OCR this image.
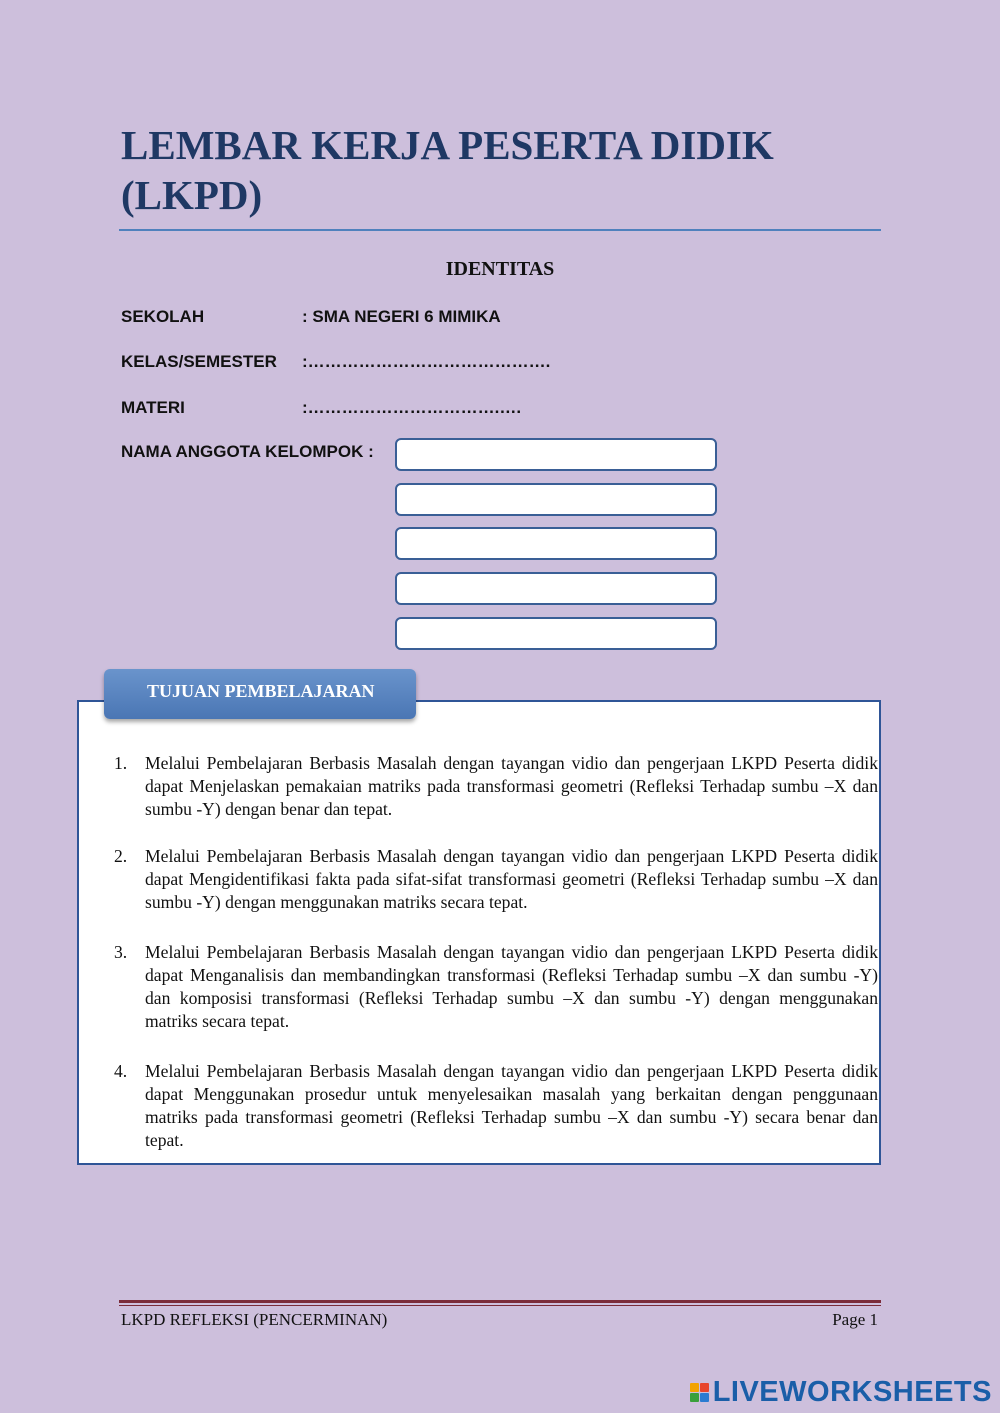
LEMBAR KERJA PESERTA DIDIK
(LKPD)
IDENTITAS
SEKOLAH	: SMA NEGERI 6 MIMIKA
KELAS/SEMESTER :…………………………………….
MATERI	:…………………………….….
NAMA ANGGOTA KELOMPOK :
TUJUAN PEMBELAJARAN
1. Melalui Pembelajaran Berbasis Masalah dengan tayangan vidio dan pengerjaan LKPD Peserta didik dapat Menjelaskan pemakaian matriks pada transformasi geometri (Refleksi Terhadap sumbu –X dan sumbu -Y) dengan benar dan tepat.
2. Melalui Pembelajaran Berbasis Masalah dengan tayangan vidio dan pengerjaan LKPD Peserta didik dapat Mengidentifikasi fakta pada sifat-sifat transformasi geometri (Refleksi Terhadap sumbu –X dan sumbu -Y) dengan menggunakan matriks secara tepat.
3. Melalui Pembelajaran Berbasis Masalah dengan tayangan vidio dan pengerjaan LKPD Peserta didik dapat Menganalisis dan membandingkan transformasi (Refleksi Terhadap sumbu –X dan sumbu -Y) dan komposisi transformasi (Refleksi Terhadap sumbu –X dan sumbu -Y) dengan menggunakan matriks secara tepat.
4. Melalui Pembelajaran Berbasis Masalah dengan tayangan vidio dan pengerjaan LKPD Peserta didik dapat Menggunakan prosedur untuk menyelesaikan masalah yang berkaitan dengan penggunaan matriks pada transformasi geometri (Refleksi Terhadap sumbu –X dan sumbu -Y) secara benar dan tepat.
LKPD REFLEKSI (PENCERMINAN)	Page 1
LIVEWORKSHEETS
